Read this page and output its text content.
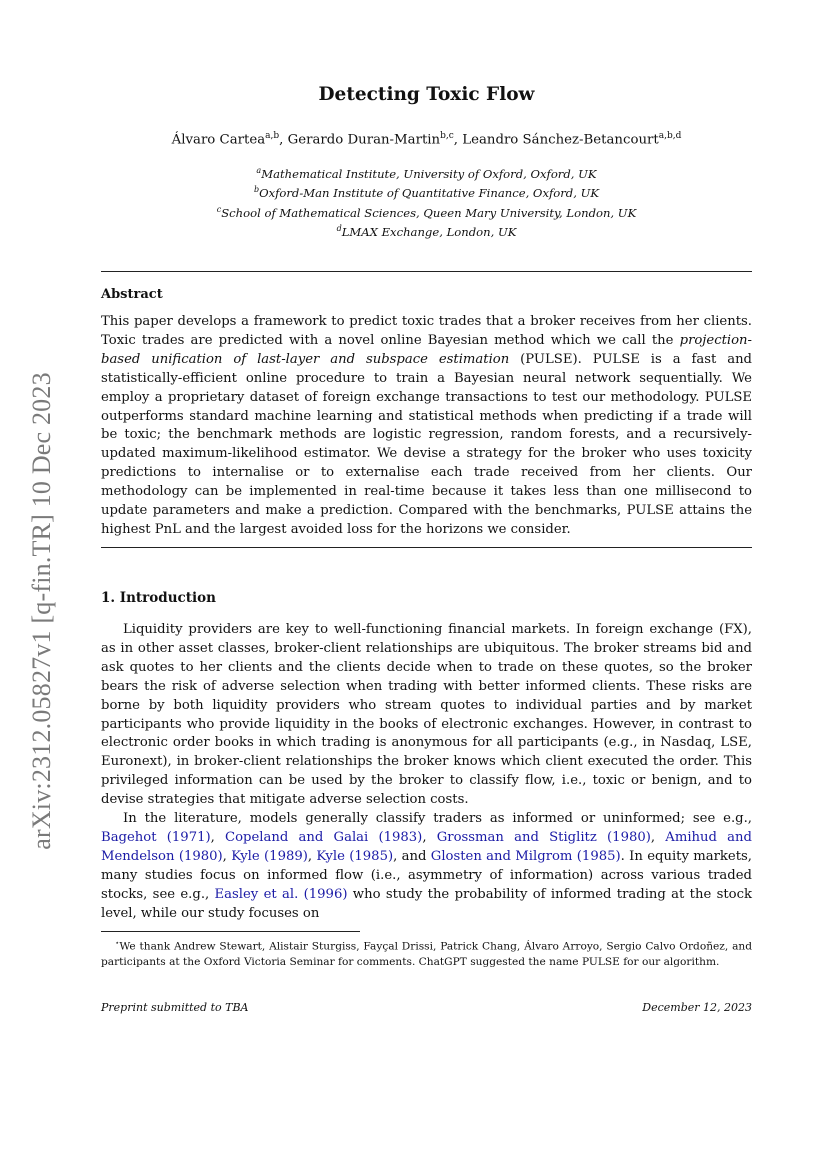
arXiv:2312.05827v1 [q-fin.TR] 10 Dec 2023
Detecting Toxic Flow
Álvaro Cartea$^{a,b}$, Gerardo Duran-Martin$^{b,c}$, Leandro Sánchez-Betancourt$^{a,b,d}$
$^a$Mathematical Institute, University of Oxford, Oxford, UK
$^b$Oxford-Man Institute of Quantitative Finance, Oxford, UK
$^c$School of Mathematical Sciences, Queen Mary University, London, UK
$^d$LMAX Exchange, London, UK
Abstract

This paper develops a framework to predict toxic trades that a broker receives from her clients. Toxic trades are predicted with a novel online Bayesian method which we call the projection-based unification of last-layer and subspace estimation (PULSE). PULSE is a fast and statistically-efficient online procedure to train a Bayesian neural network sequentially. We employ a proprietary dataset of foreign exchange transactions to test our methodology. PULSE outperforms standard machine learning and statistical methods when predicting if a trade will be toxic; the benchmark methods are logistic regression, random forests, and a recursively-updated maximum-likelihood estimator. We devise a strategy for the broker who uses toxicity predictions to internalise or to externalise each trade received from her clients. Our methodology can be implemented in real-time because it takes less than one millisecond to update parameters and make a prediction. Compared with the benchmarks, PULSE attains the highest PnL and the largest avoided loss for the horizons we consider.

1. Introduction

Liquidity providers are key to well-functioning financial markets. In foreign exchange (FX), as in other asset classes, broker-client relationships are ubiquitous. The broker streams bid and ask quotes to her clients and the clients decide when to trade on these quotes, so the broker bears the risk of adverse selection when trading with better informed clients. These risks are borne by both liquidity providers who stream quotes to individual parties and by market participants who provide liquidity in the books of electronic exchanges. However, in contrast to electronic order books in which trading is anonymous for all participants (e.g., in Nasdaq, LSE, Euronext), in broker-client relationships the broker knows which client executed the order. This privileged information can be used by the broker to classify flow, i.e., toxic or benign, and to devise strategies that mitigate adverse selection costs.

In the literature, models generally classify traders as informed or uninformed; see e.g., Bagehot (1971), Copeland and Galai (1983), Grossman and Stiglitz (1980), Amihud and Mendelson (1980), Kyle (1989), Kyle (1985), and Glosten and Milgrom (1985). In equity markets, many studies focus on informed flow (i.e., asymmetry of information) across various traded stocks, see e.g., Easley et al. (1996) who study the probability of informed trading at the stock level, while our study focuses on

⋆We thank Andrew Stewart, Alistair Sturgiss, Fayçal Drissi, Patrick Chang, Álvaro Arroyo, Sergio Calvo Ordoñez, and participants at the Oxford Victoria Seminar for comments. ChatGPT suggested the name PULSE for our algorithm.

Preprint submitted to TBA	December 12, 2023
